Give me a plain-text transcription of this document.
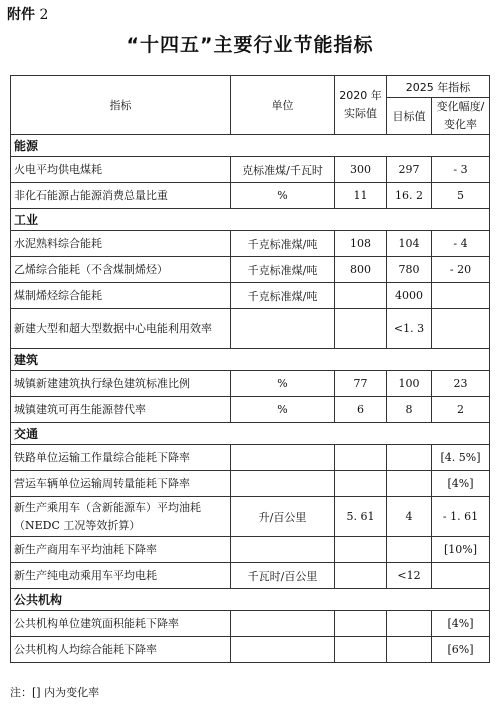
附件 2
“十四五”主要行业节能指标
指标	单位	2020 年实际值	2025 年指标	
			目标值	变化幅度/变化率
能源				
火电平均供电煤耗	克标准煤/千瓦时	300	297	- 3
非化石能源占能源消费总量比重	%	11	16. 2	5
工业				
水泥熟料综合能耗	千克标准煤/吨	108	104	- 4
乙烯综合能耗（不含煤制烯烃）	千克标准煤/吨	800	780	- 20
煤制烯烃综合能耗	千克标准煤/吨		4000	
新建大型和超大型数据中心电能利用效率			<1. 3	
建筑				
城镇新建建筑执行绿色建筑标准比例	%	77	100	23
城镇建筑可再生能源替代率	%	6	8	2
交通				
铁路单位运输工作量综合能耗下降率				[4. 5%]
营运车辆单位运输周转量能耗下降率				[4%]
新生产乘用车（含新能源车）平均油耗（NEDC 工况等效折算）	升/百公里	5. 61	4	- 1. 61
新生产商用车平均油耗下降率				[10%]
新生产纯电动乘用车平均电耗	千瓦时/百公里		<12	
公共机构				
公共机构单位建筑面积能耗下降率				[4%]
公共机构人均综合能耗下降率				[6%]
注：[] 内为变化率
